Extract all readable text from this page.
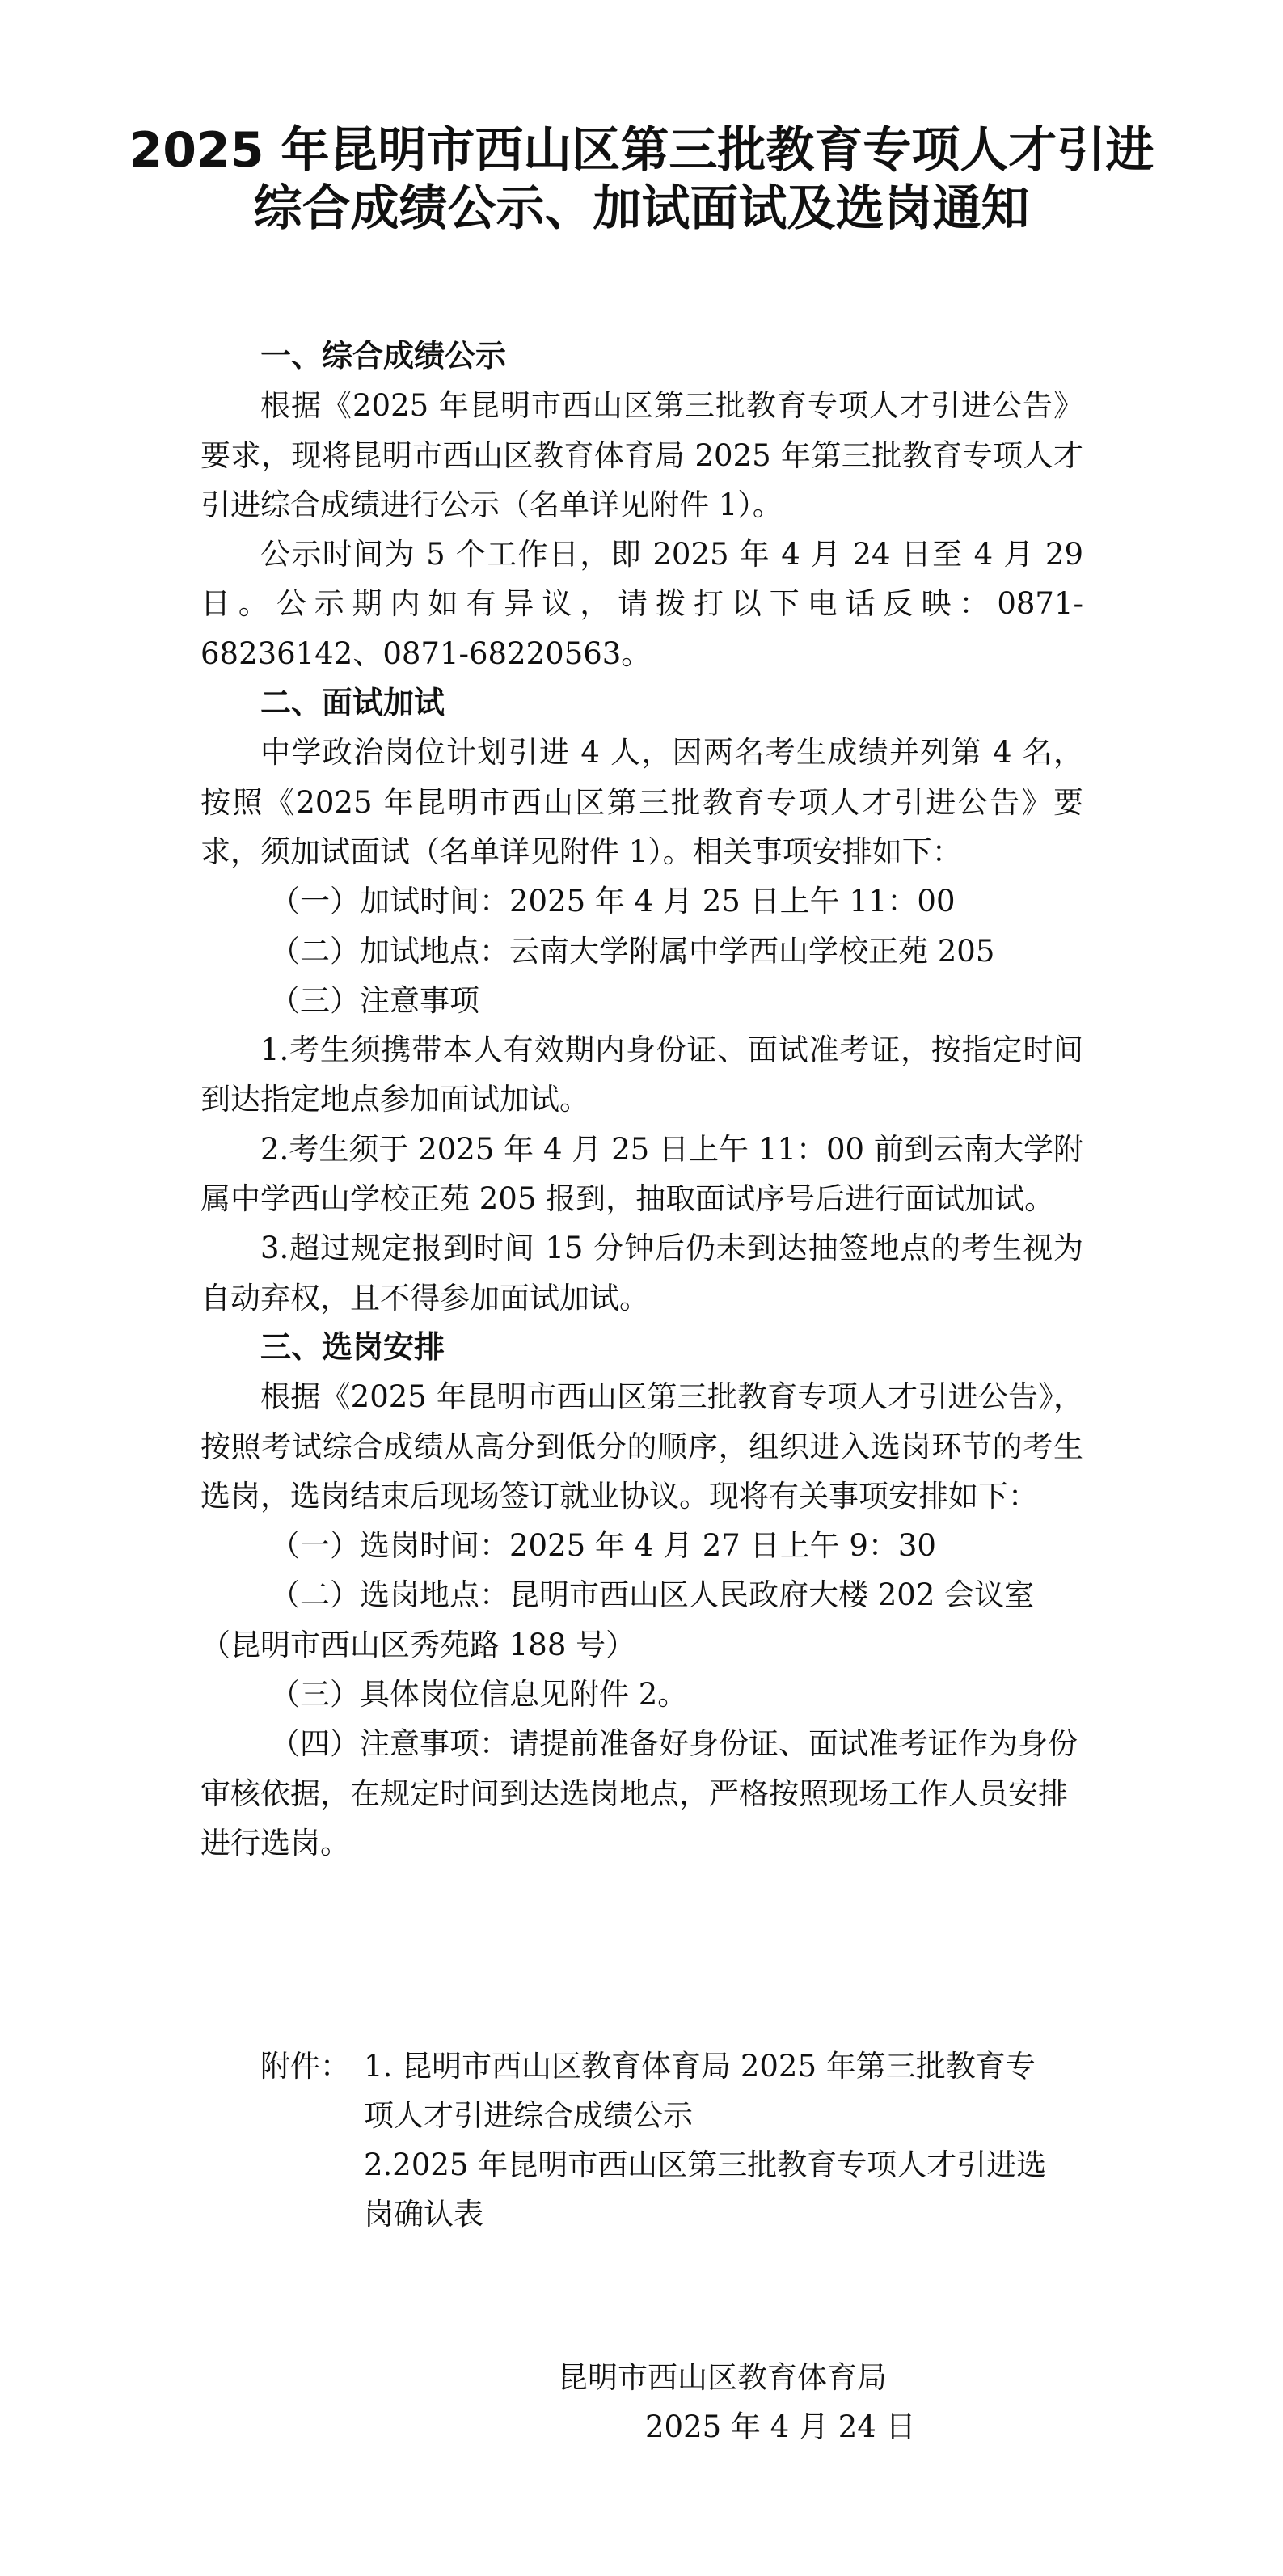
2025 年昆明市西山区第三批教育专项人才引进
综合成绩公示、加试面试及选岗通知

一、综合成绩公示

根据《2025 年昆明市西山区第三批教育专项人才引进公告》要求，现将昆明市西山区教育体育局 2025 年第三批教育专项人才引进综合成绩进行公示（名单详见附件 1）。

公示时间为 5 个工作日，即 2025 年 4 月 24 日至 4 月 29 日。公示期内如有异议，请拨打以下电话反映：0871-68236142、0871-68220563。

二、面试加试

中学政治岗位计划引进 4 人，因两名考生成绩并列第 4 名，按照《2025 年昆明市西山区第三批教育专项人才引进公告》要求，须加试面试（名单详见附件 1）。相关事项安排如下：

（一）加试时间：2025 年 4 月 25 日上午 11：00

（二）加试地点：云南大学附属中学西山学校正苑 205

（三）注意事项

1.考生须携带本人有效期内身份证、面试准考证，按指定时间到达指定地点参加面试加试。

2.考生须于 2025 年 4 月 25 日上午 11：00 前到云南大学附属中学西山学校正苑 205 报到，抽取面试序号后进行面试加试。

3.超过规定报到时间 15 分钟后仍未到达抽签地点的考生视为自动弃权，且不得参加面试加试。

三、选岗安排

根据《2025 年昆明市西山区第三批教育专项人才引进公告》，按照考试综合成绩从高分到低分的顺序，组织进入选岗环节的考生选岗，选岗结束后现场签订就业协议。现将有关事项安排如下：

（一）选岗时间：2025 年 4 月 27 日上午 9：30

（二）选岗地点：昆明市西山区人民政府大楼 202 会议室（昆明市西山区秀苑路 188 号）

（三）具体岗位信息见附件 2。

（四）注意事项：请提前准备好身份证、面试准考证作为身份审核依据，在规定时间到达选岗地点，严格按照现场工作人员安排进行选岗。

附件： 1. 昆明市西山区教育体育局 2025 年第三批教育专项人才引进综合成绩公示

2.2025 年昆明市西山区第三批教育专项人才引进选岗确认表

昆明市西山区教育体育局
2025 年 4 月 24 日
